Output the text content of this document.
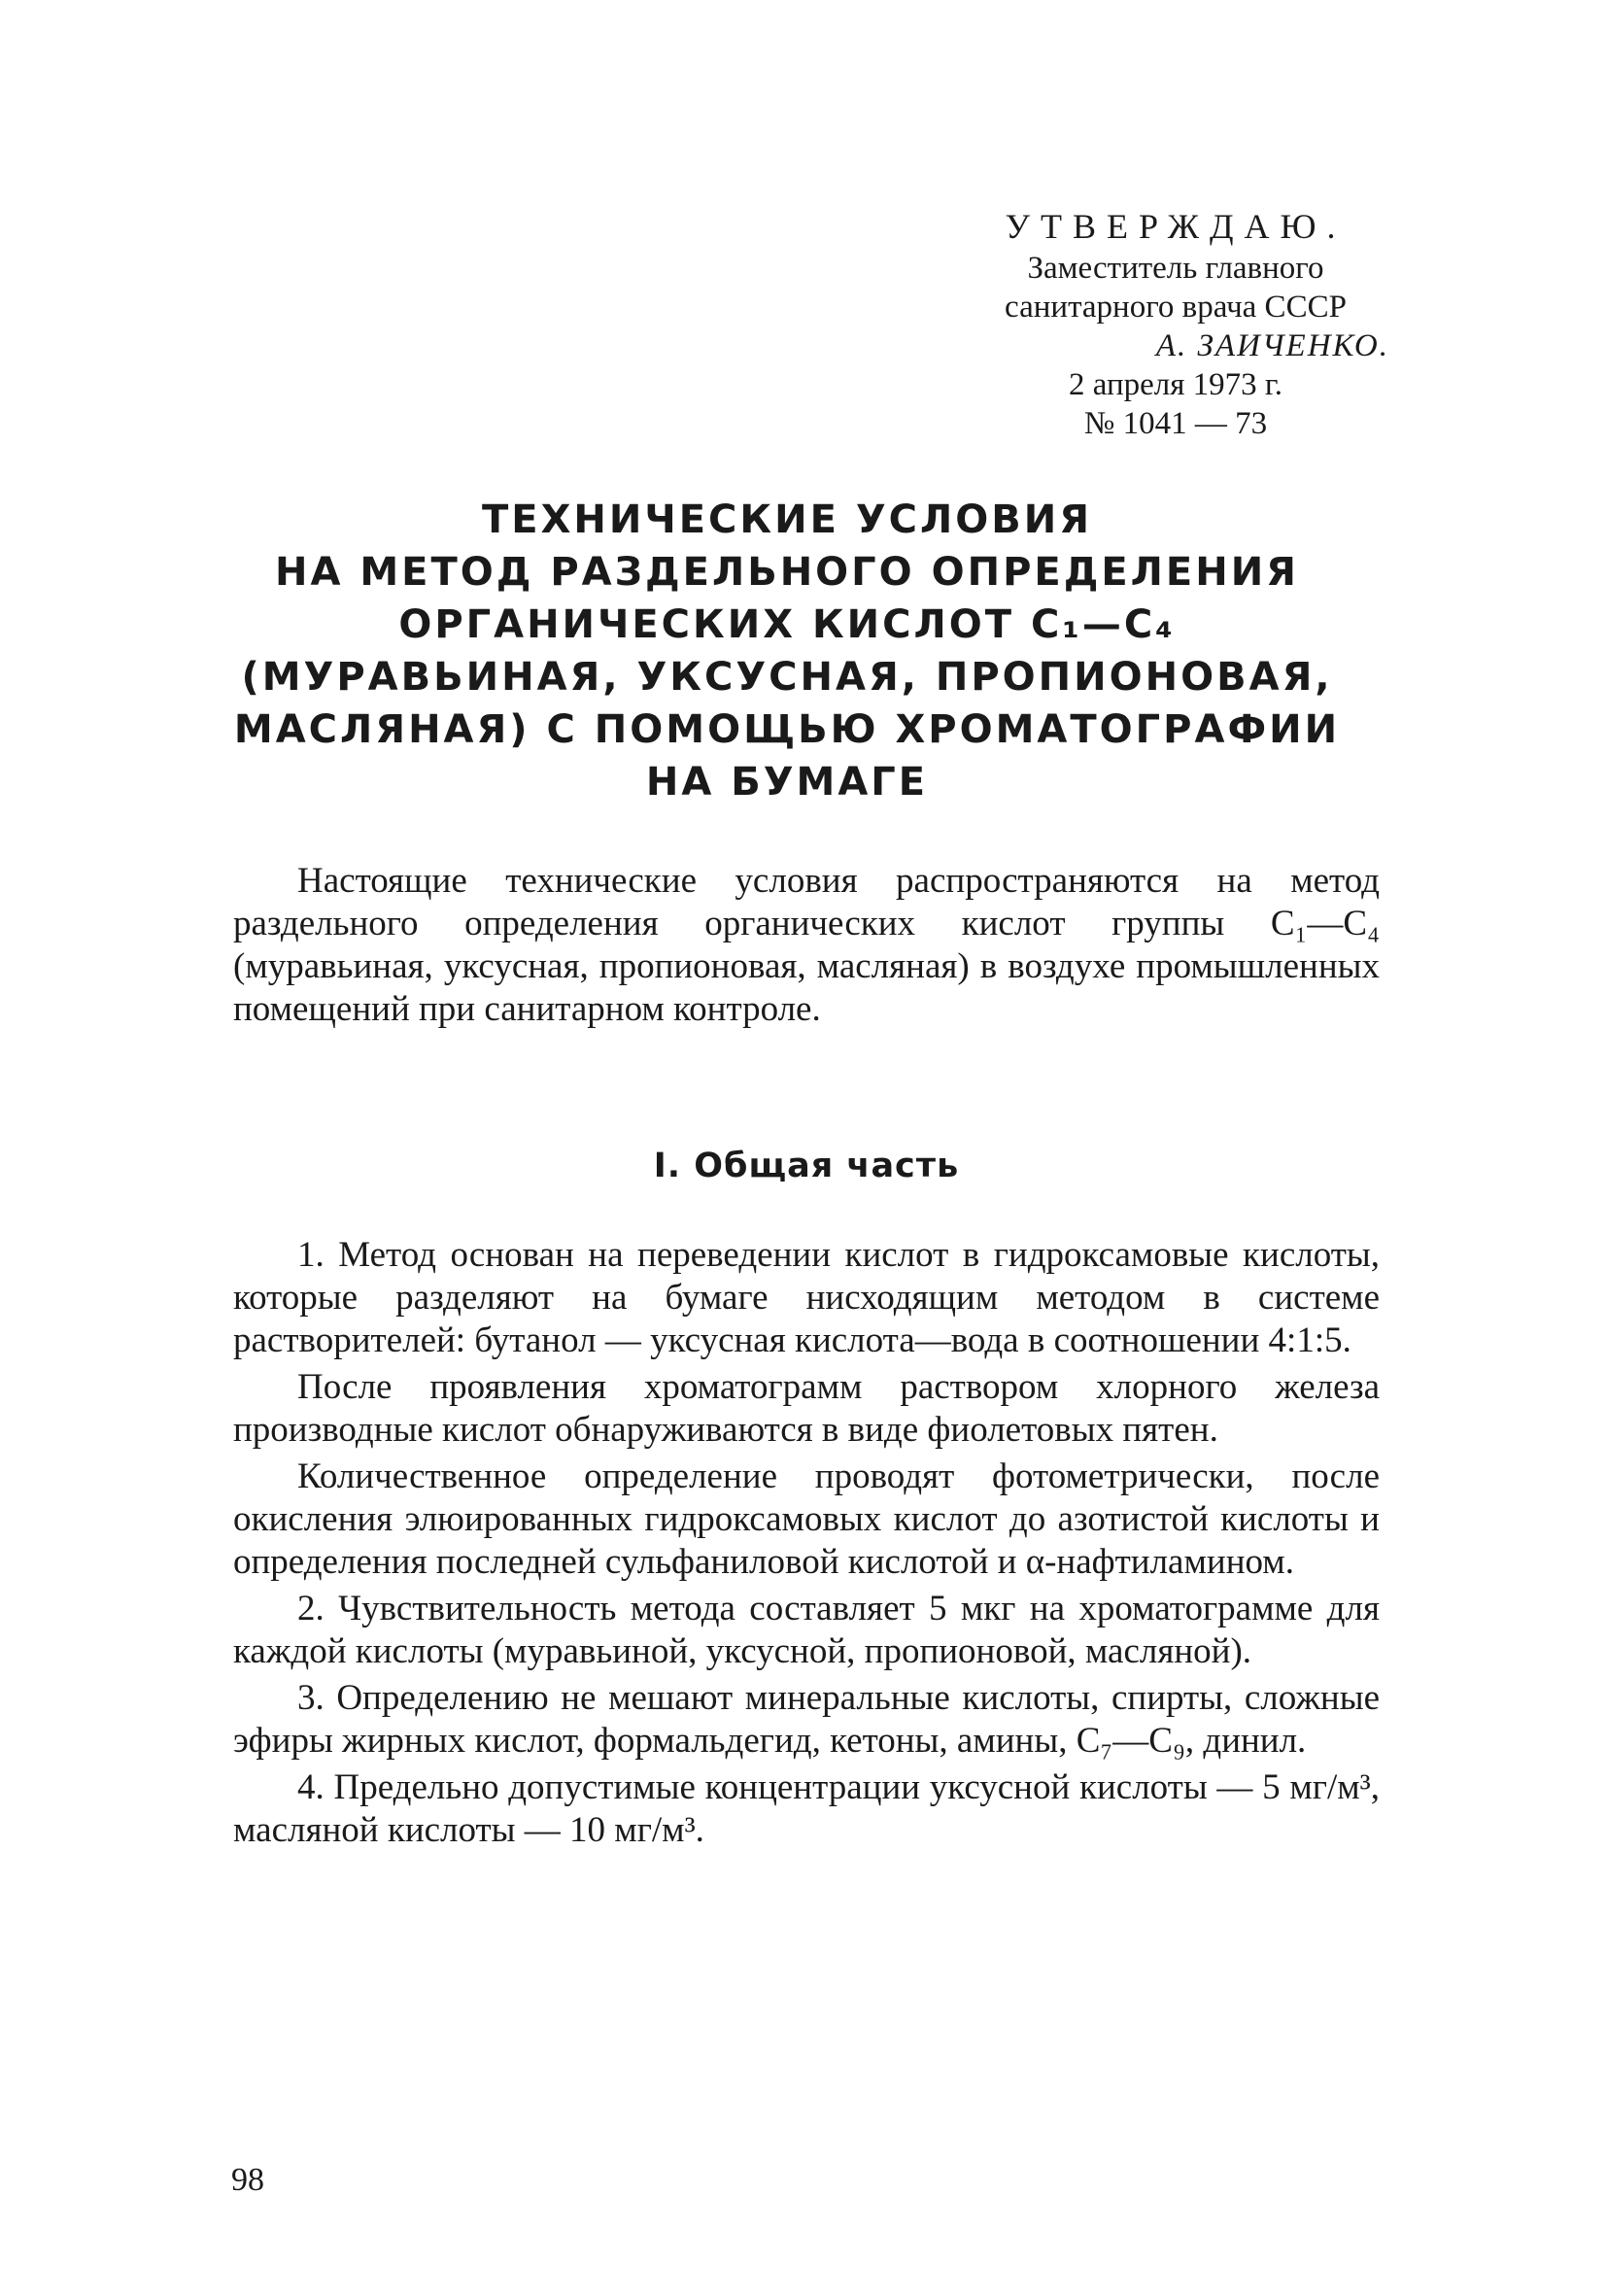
УТВЕРЖДАЮ.
Заместитель главного
санитарного врача СССР
А. ЗАИЧЕНКО.
2 апреля 1973 г.
№ 1041 — 73
ТЕХНИЧЕСКИЕ УСЛОВИЯ
НА МЕТОД РАЗДЕЛЬНОГО ОПРЕДЕЛЕНИЯ
ОРГАНИЧЕСКИХ КИСЛОТ C₁—C₄
(МУРАВЬИНАЯ, УКСУСНАЯ, ПРОПИОНОВАЯ,
МАСЛЯНАЯ) С ПОМОЩЬЮ ХРОМАТОГРАФИИ
НА БУМАГЕ

Настоящие технические условия распространяются на метод раздельного определения органических кислот группы C₁—C₄ (муравьиная, уксусная, пропионовая, масляная) в воздухе промышленных помещений при санитарном контроле.

I. Общая часть

1. Метод основан на переведении кислот в гидроксамовые кислоты, которые разделяют на бумаге нисходящим методом в системе растворителей: бутанол — уксусная кислота—вода в соотношении 4:1:5.

После проявления хроматограмм раствором хлорного железа производные кислот обнаруживаются в виде фиолетовых пятен.

Количественное определение проводят фотометрически, после окисления элюированных гидроксамовых кислот до азотистой кислоты и определения последней сульфаниловой кислотой и α-нафтиламином.

2. Чувствительность метода составляет 5 мкг на хроматограмме для каждой кислоты (муравьиной, уксусной, пропионовой, масляной).

3. Определению не мешают минеральные кислоты, спирты, сложные эфиры жирных кислот, формальдегид, кетоны, амины, C₇—C₉, динил.

4. Предельно допустимые концентрации уксусной кислоты — 5 мг/м³, масляной кислоты — 10 мг/м³.

98
